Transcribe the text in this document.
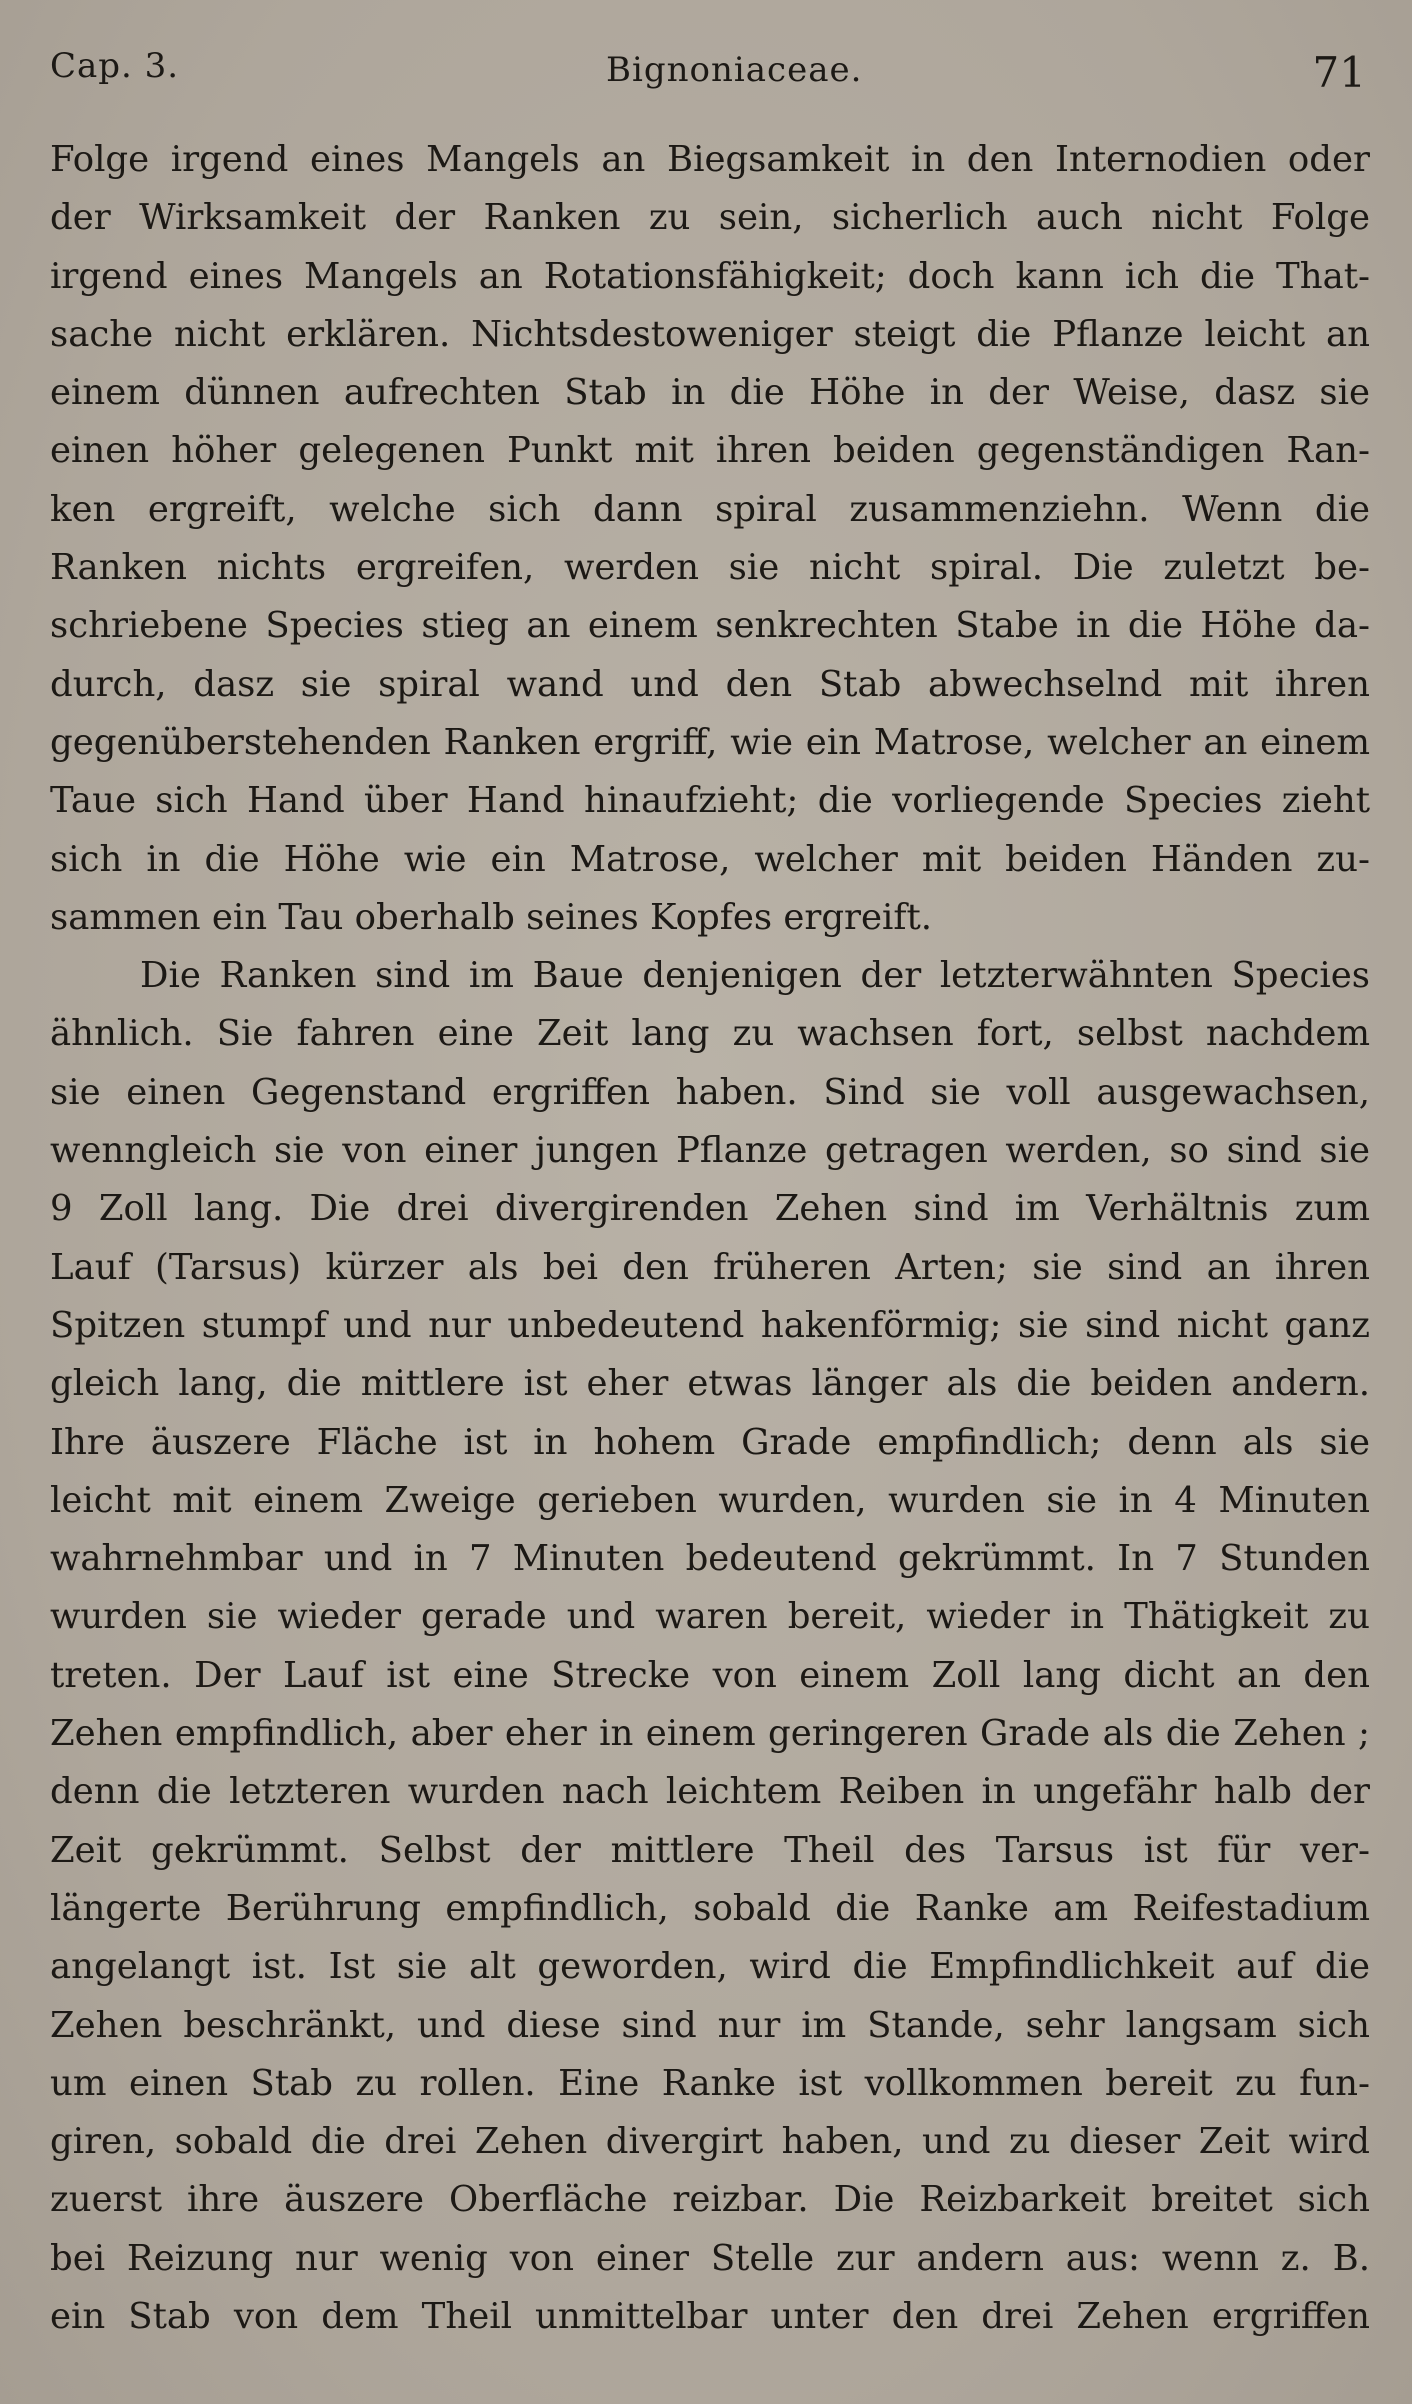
Cap. 3.	Bignoniaceae.	71
Folge irgend eines Mangels an Biegsamkeit in den Internodien oder
der Wirksamkeit der Ranken zu sein, sicherlich auch nicht Folge
irgend eines Mangels an Rotationsfähigkeit; doch kann ich die That-
sache nicht erklären. Nichtsdestoweniger steigt die Pflanze leicht an
einem dünnen aufrechten Stab in die Höhe in der Weise, dasz sie
einen höher gelegenen Punkt mit ihren beiden gegenständigen Ran-
ken ergreift, welche sich dann spiral zusammenziehn. Wenn die
Ranken nichts ergreifen, werden sie nicht spiral. Die zuletzt be-
schriebene Species stieg an einem senkrechten Stabe in die Höhe da-
durch, dasz sie spiral wand und den Stab abwechselnd mit ihren
gegenüberstehenden Ranken ergriff, wie ein Matrose, welcher an einem
Taue sich Hand über Hand hinaufzieht; die vorliegende Species zieht
sich in die Höhe wie ein Matrose, welcher mit beiden Händen zu-
sammen ein Tau oberhalb seines Kopfes ergreift.
Die Ranken sind im Baue denjenigen der letzterwähnten Species
ähnlich. Sie fahren eine Zeit lang zu wachsen fort, selbst nachdem
sie einen Gegenstand ergriffen haben. Sind sie voll ausgewachsen,
wenngleich sie von einer jungen Pflanze getragen werden, so sind sie
9 Zoll lang. Die drei divergirenden Zehen sind im Verhältnis zum
Lauf (Tarsus) kürzer als bei den früheren Arten; sie sind an ihren
Spitzen stumpf und nur unbedeutend hakenförmig; sie sind nicht ganz
gleich lang, die mittlere ist eher etwas länger als die beiden andern.
Ihre äuszere Fläche ist in hohem Grade empfindlich; denn als sie
leicht mit einem Zweige gerieben wurden, wurden sie in 4 Minuten
wahrnehmbar und in 7 Minuten bedeutend gekrümmt. In 7 Stunden
wurden sie wieder gerade und waren bereit, wieder in Thätigkeit zu
treten. Der Lauf ist eine Strecke von einem Zoll lang dicht an den
Zehen empfindlich, aber eher in einem geringeren Grade als die Zehen ;
denn die letzteren wurden nach leichtem Reiben in ungefähr halb der
Zeit gekrümmt. Selbst der mittlere Theil des Tarsus ist für ver-
längerte Berührung empfindlich, sobald die Ranke am Reifestadium
angelangt ist. Ist sie alt geworden, wird die Empfindlichkeit auf die
Zehen beschränkt, und diese sind nur im Stande, sehr langsam sich
um einen Stab zu rollen. Eine Ranke ist vollkommen bereit zu fun-
giren, sobald die drei Zehen divergirt haben, und zu dieser Zeit wird
zuerst ihre äuszere Oberfläche reizbar. Die Reizbarkeit breitet sich
bei Reizung nur wenig von einer Stelle zur andern aus: wenn z. B.
ein Stab von dem Theil unmittelbar unter den drei Zehen ergriffen
